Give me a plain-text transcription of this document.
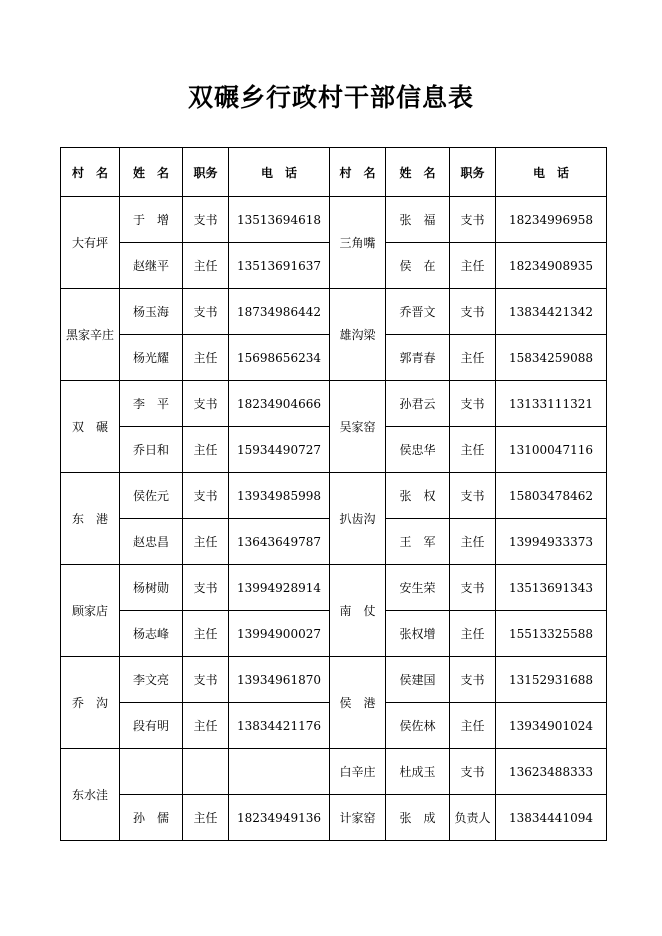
双碾乡行政村干部信息表
村　名	姓　名	职务	电　话	村　名	姓　名	职务	电　话
大有坪	于　增	支书	13513694618	三角嘴	张　福	支书	18234996958
	赵继平	主任	13513691637		侯　在	主任	18234908935
黑家辛庄	杨玉海	支书	18734986442	雄沟梁	乔晋文	支书	13834421342
	杨光耀	主任	15698656234		郭青春	主任	15834259088
双　碾	李　平	支书	18234904666	吴家窑	孙君云	支书	13133111321
	乔日和	主任	15934490727		侯忠华	主任	13100047116
东　港	侯佐元	支书	13934985998	扒齿沟	张　权	支书	15803478462
	赵忠昌	主任	13643649787		王　军	主任	13994933373
顾家店	杨树勋	支书	13994928914	南　仗	安生荣	支书	13513691343
	杨志峰	主任	13994900027		张权增	主任	15513325588
乔　沟	李文亮	支书	13934961870	侯　港	侯建国	支书	13152931688
	段有明	主任	13834421176		侯佐林	主任	13934901024
东水洼				白辛庄	杜成玉	支书	13623488333
	孙　儒	主任	18234949136	计家窑	张　成	负责人	13834441094
